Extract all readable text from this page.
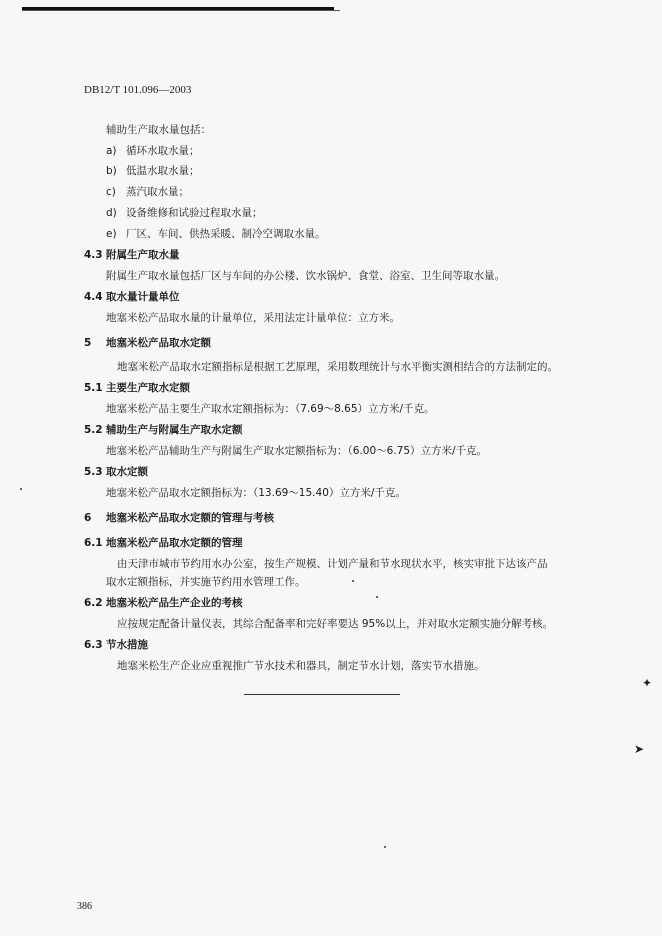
DB12/T 101.096—2003
辅助生产取水量包括：
a) 循环水取水量；
b) 低温水取水量；
c) 蒸汽取水量；
d) 设备维修和试验过程取水量；
e) 厂区、车间、供热采暖、制冷空调取水量。
4.3 附属生产取水量
附属生产取水量包括厂区与车间的办公楼、饮水锅炉、食堂、浴室、卫生间等取水量。
4.4 取水量计量单位
地塞米松产品取水量的计量单位，采用法定计量单位：立方米。
5 地塞米松产品取水定额
地塞米松产品取水定额指标是根据工艺原理，采用数理统计与水平衡实测相结合的方法制定的。
5.1 主要生产取水定额
地塞米松产品主要生产取水定额指标为：（7.69～8.65）立方米/千克。
5.2 辅助生产与附属生产取水定额
地塞米松产品辅助生产与附属生产取水定额指标为：（6.00～6.75）立方米/千克。
5.3 取水定额
地塞米松产品取水定额指标为：（13.69～15.40）立方米/千克。
6 地塞米松产品取水定额的管理与考核
6.1 地塞米松产品取水定额的管理
由天津市城市节约用水办公室，按生产规模、计划产量和节水现状水平，核实审批下达该产品
取水定额指标，并实施节约用水管理工作。
6.2 地塞米松产品生产企业的考核
应按规定配备计量仪表，其综合配备率和完好率要达 95%以上，并对取水定额实施分解考核。
6.3 节水措施
地塞米松生产企业应重视推广节水技术和器具，制定节水计划，落实节水措施。
✦
➤
386
